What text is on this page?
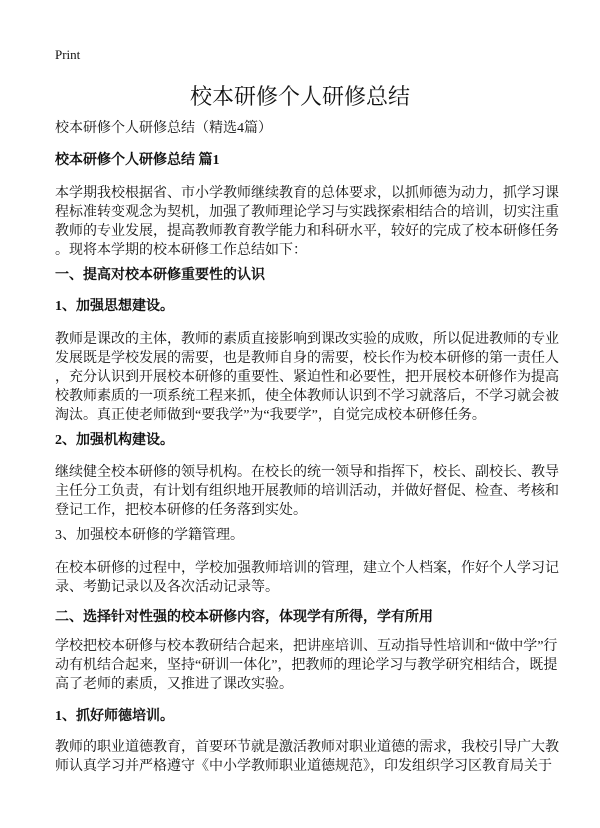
Print
校本研修个人研修总结
校本研修个人研修总结（精选4篇）
校本研修个人研修总结 篇1
本学期我校根据省、市小学教师继续教育的总体要求，以抓师德为动力，抓学习课
程标准转变观念为契机，加强了教师理论学习与实践探索相结合的培训，切实注重
教师的专业发展，提高教师教育教学能力和科研水平，较好的完成了校本研修任务
。现将本学期的校本研修工作总结如下：
一、提高对校本研修重要性的认识
1、加强思想建设。
教师是课改的主体，教师的素质直接影响到课改实验的成败，所以促进教师的专业
发展既是学校发展的需要，也是教师自身的需要，校长作为校本研修的第一责任人
，充分认识到开展校本研修的重要性、紧迫性和必要性，把开展校本研修作为提高
校教师素质的一项系统工程来抓，使全体教师认识到不学习就落后，不学习就会被
淘汰。真正使老师做到“要我学”为“我要学”，自觉完成校本研修任务。
2、加强机构建设。
继续健全校本研修的领导机构。在校长的统一领导和指挥下，校长、副校长、教导
主任分工负责，有计划有组织地开展教师的培训活动，并做好督促、检查、考核和
登记工作，把校本研修的任务落到实处。
3、加强校本研修的学籍管理。
在校本研修的过程中，学校加强教师培训的管理，建立个人档案，作好个人学习记
录、考勤记录以及各次活动记录等。
二、选择针对性强的校本研修内容，体现学有所得，学有所用
学校把校本研修与校本教研结合起来，把讲座培训、互动指导性培训和“做中学”行
动有机结合起来，坚持“研训一体化”，把教师的理论学习与教学研究相结合，既提
高了老师的素质，又推进了课改实验。
1、抓好师德培训。
教师的职业道德教育，首要环节就是激活教师对职业道德的需求，我校引导广大教
师认真学习并严格遵守《中小学教师职业道德规范》，印发组织学习区教育局关于
